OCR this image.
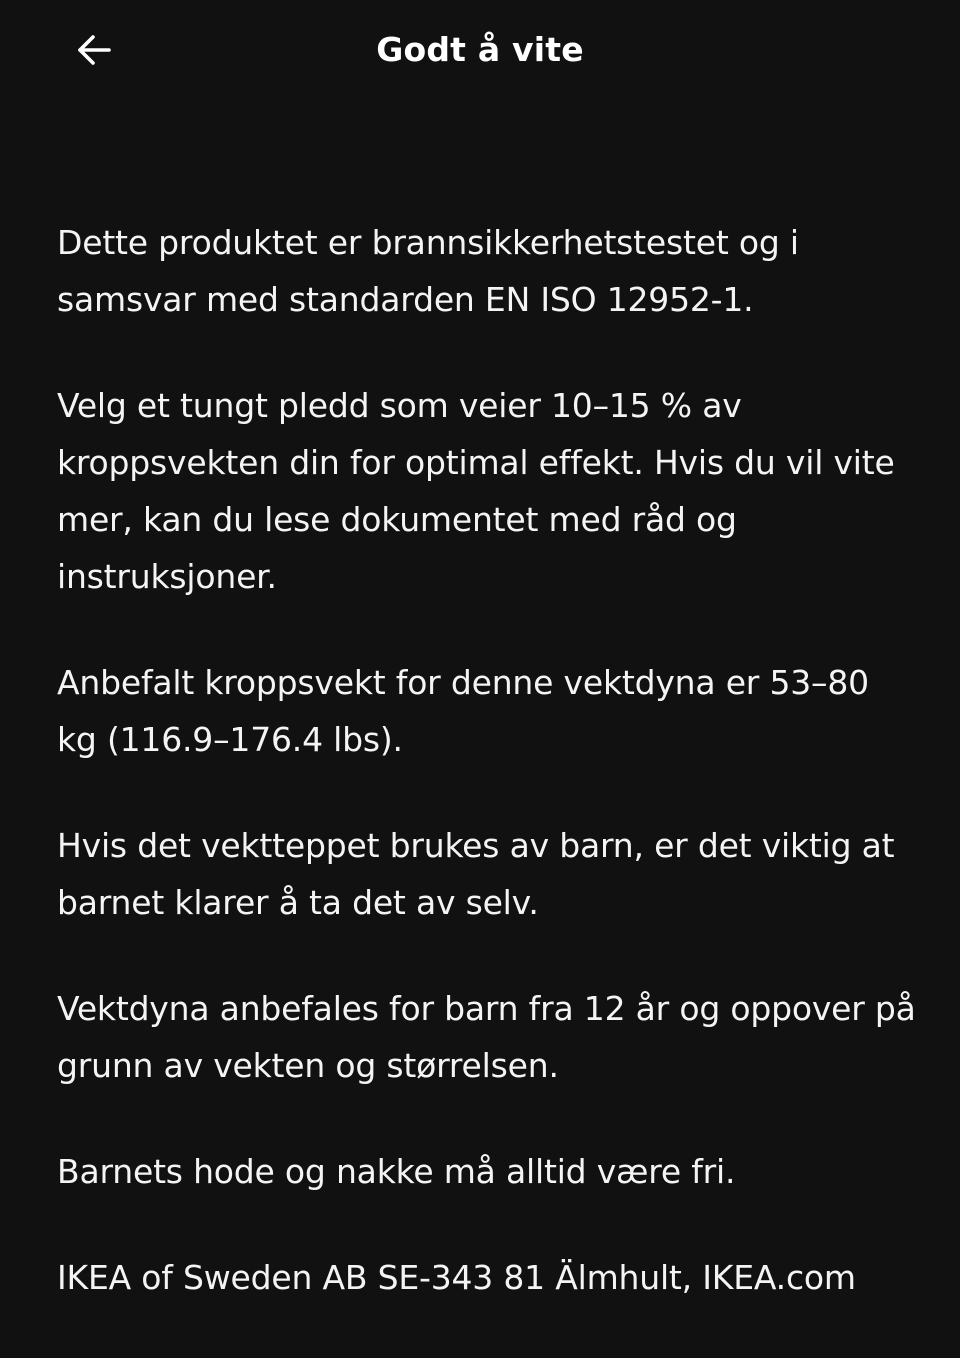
Godt å vite

Dette produktet er brannsikkerhetstestet og i samsvar med standarden EN ISO 12952-1.

Velg et tungt pledd som veier 10–15 % av kroppsvekten din for optimal effekt. Hvis du vil vite mer, kan du lese dokumentet med råd og instruksjoner.

Anbefalt kroppsvekt for denne vektdyna er 53–80 kg (116.9–176.4 lbs).

Hvis det vektteppet brukes av barn, er det viktig at barnet klarer å ta det av selv.

Vektdyna anbefales for barn fra 12 år og oppover på grunn av vekten og størrelsen.

Barnets hode og nakke må alltid være fri.

IKEA of Sweden AB SE-343 81 Älmhult, IKEA.com
